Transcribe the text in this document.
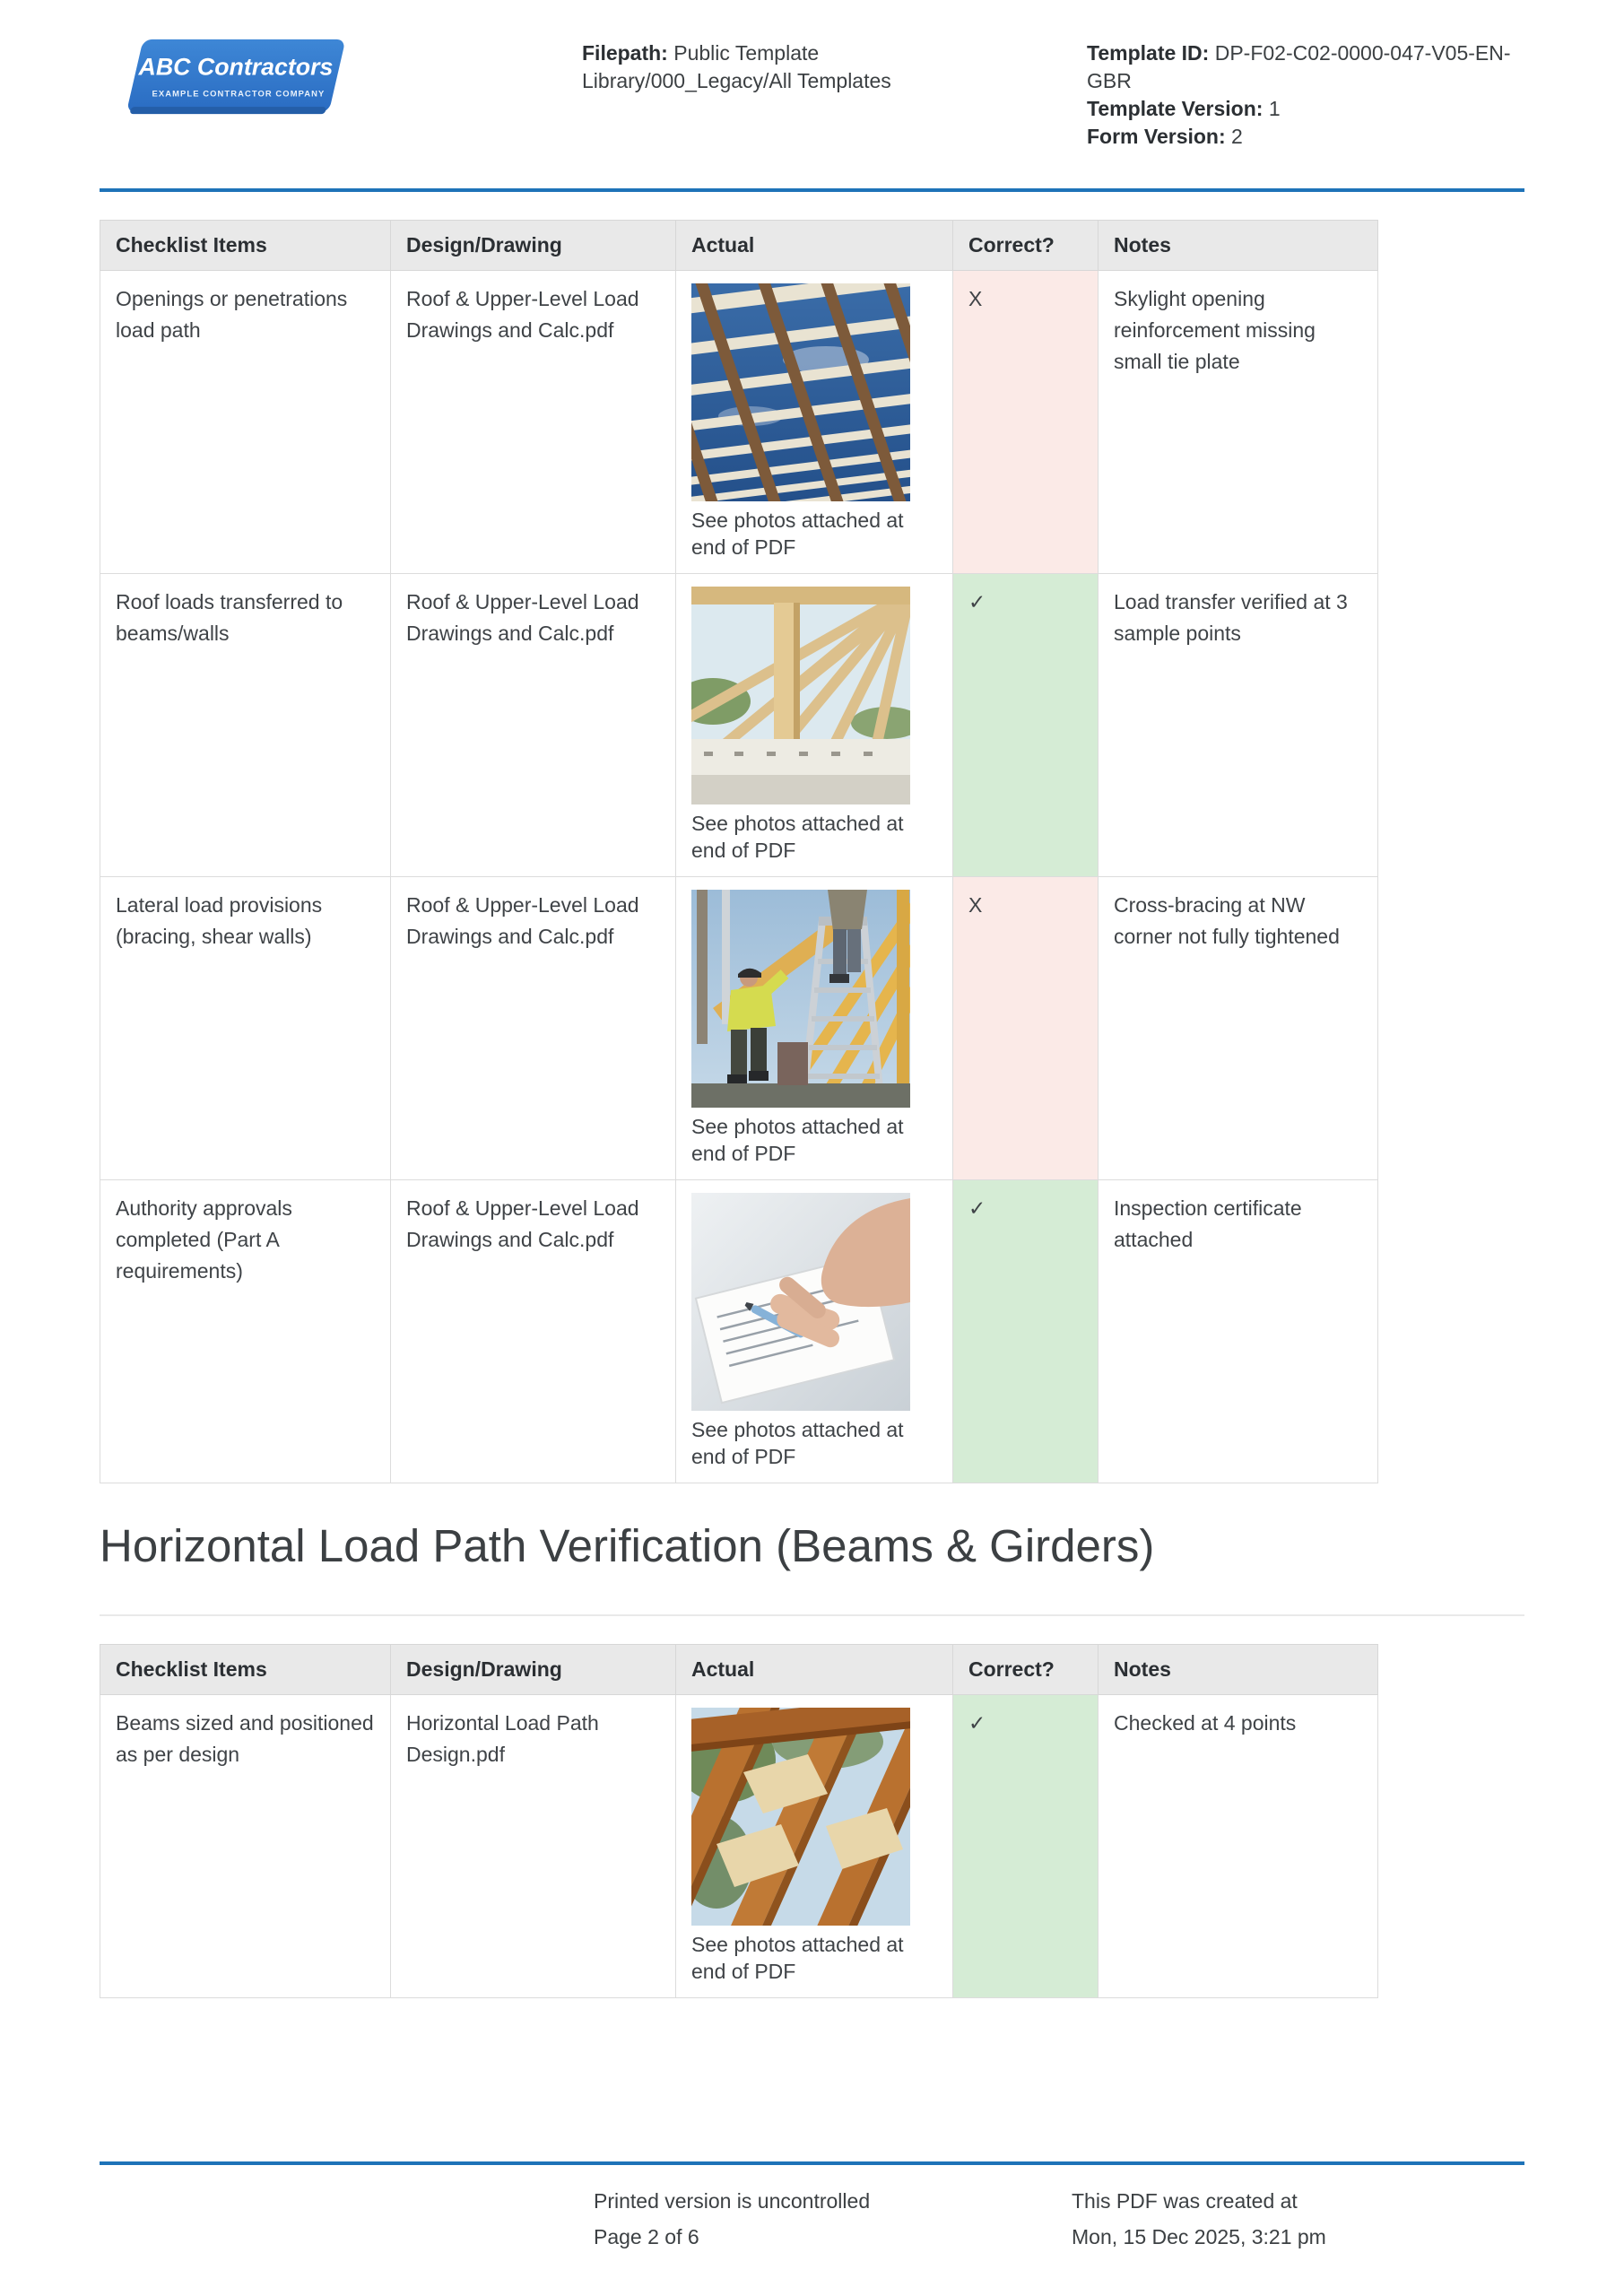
ABC Contractors
EXAMPLE CONTRACTOR COMPANY
Filepath: Public Template Library/000_Legacy/All Templates
Template ID: DP-F02-C02-0000-047-V05-EN-GBR
Template Version: 1
Form Version: 2
Checklist Items	Design/Drawing	Actual	Correct?	Notes
Openings or penetrations load path	Roof & Upper-Level Load Drawings and Calc.pdf	See photos attached at end of PDF	X	Skylight opening reinforcement missing small tie plate
Roof loads transferred to beams/walls	Roof & Upper-Level Load Drawings and Calc.pdf	See photos attached at end of PDF	✓	Load transfer verified at 3 sample points
Lateral load provisions (bracing, shear walls)	Roof & Upper-Level Load Drawings and Calc.pdf	See photos attached at end of PDF	X	Cross-bracing at NW corner not fully tightened
Authority approvals completed (Part A requirements)	Roof & Upper-Level Load Drawings and Calc.pdf	See photos attached at end of PDF	✓	Inspection certificate attached
Horizontal Load Path Verification (Beams & Girders)
Checklist Items	Design/Drawing	Actual	Correct?	Notes
Beams sized and positioned as per design	Horizontal Load Path Design.pdf	See photos attached at end of PDF	✓	Checked at 4 points
Printed version is uncontrolled
Page 2 of 6
This PDF was created at
Mon, 15 Dec 2025, 3:21 pm
